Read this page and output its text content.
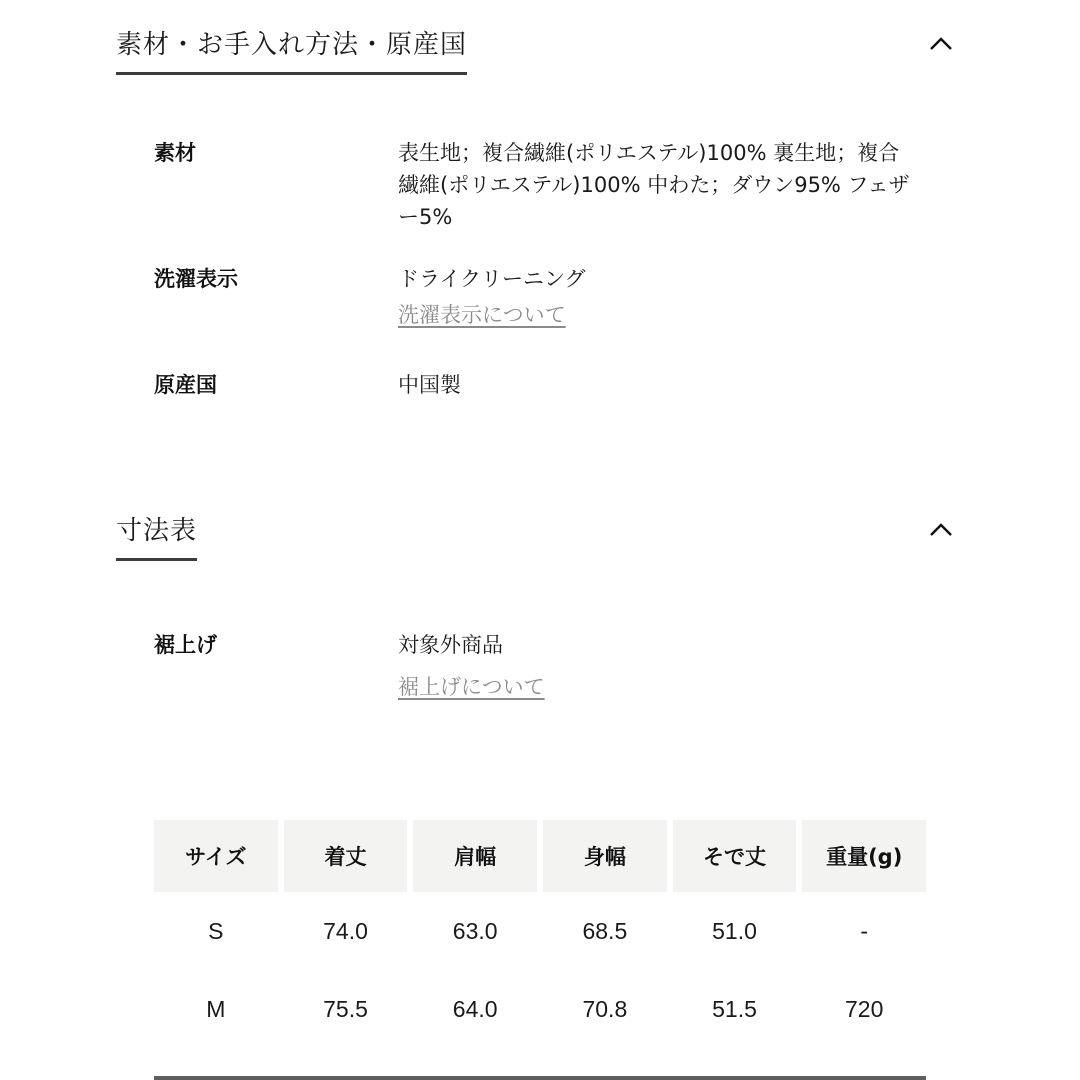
素材・お手入れ方法・原産国
素材	表生地；複合繊維(ポリエステル)100% 裏生地；複合繊維(ポリエステル)100% 中わた；ダウン95% フェザー5%
洗濯表示	ドライクリーニング
洗濯表示について
原産国	中国製
寸法表
裾上げ	対象外商品
裾上げについて
サイズ	着丈	肩幅	身幅	そで丈	重量(g)
S	74.0	63.0	68.5	51.0	-
M	75.5	64.0	70.8	51.5	720
